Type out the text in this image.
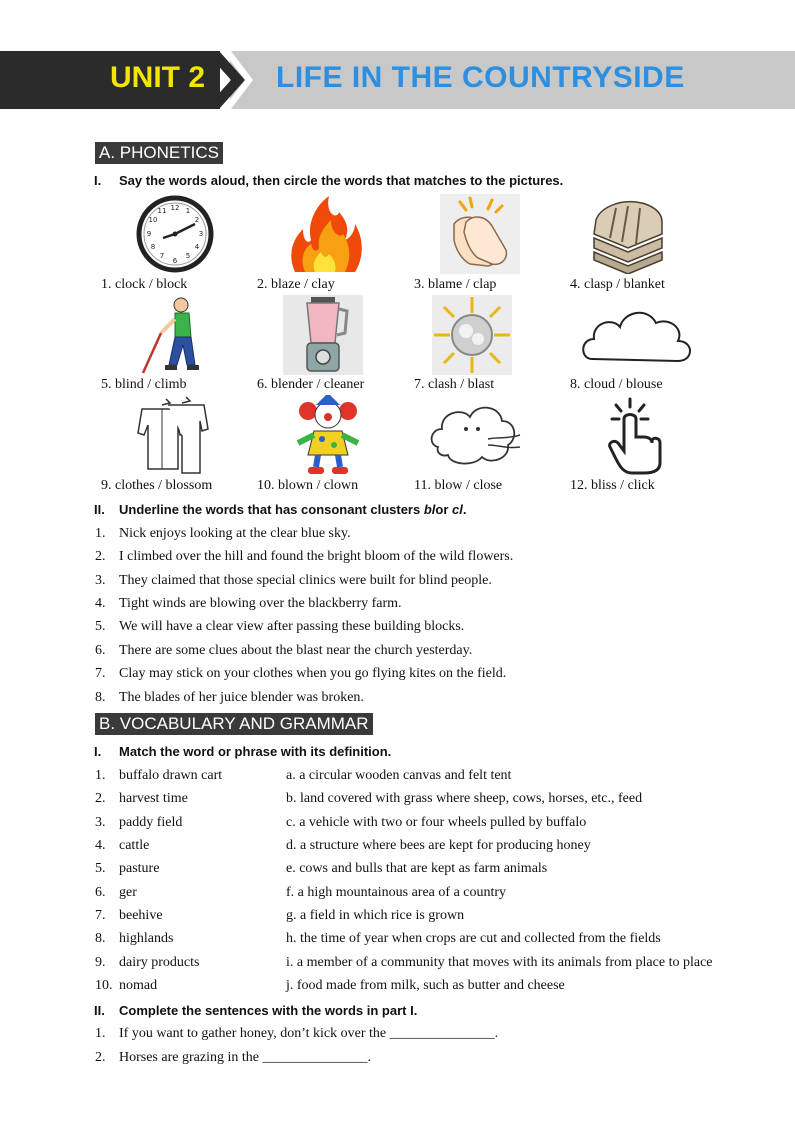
UNIT 2 LIFE IN THE COUNTRYSIDE
A. PHONETICS
I. Say the words aloud, then circle the words that matches to the pictures.
12 1
2
3
4
5
6
7
8
9
10
11
1. clock / block	2. blaze / clay	3. blame / clap	4. clasp / blanket
5. blind / climb	6. blender / cleaner	7. clash / blast	8. cloud / blouse
9. clothes / blossom	10. blown / clown	11. blow / close	12. bliss / click
II. Underline the words that has consonant clusters blor cl.
1. Nick enjoys looking at the clear blue sky.
2. I climbed over the hill and found the bright bloom of the wild flowers.
3. They claimed that those special clinics were built for blind people.
4. Tight winds are blowing over the blackberry farm.
5. We will have a clear view after passing these building blocks.
6. There are some clues about the blast near the church yesterday.
7. Clay may stick on your clothes when you go flying kites on the field.
8. The blades of her juice blender was broken.
B. VOCABULARY AND GRAMMAR
I. Match the word or phrase with its definition.
1. buffalo drawn cart	a. a circular wooden canvas and felt tent
2. harvest time	b. land covered with grass where sheep, cows, horses, etc., feed
3. paddy field	c. a vehicle with two or four wheels pulled by buffalo
4. cattle	d. a structure where bees are kept for producing honey
5. pasture	e. cows and bulls that are kept as farm animals
6. ger	f. a high mountainous area of a country
7. beehive	g. a field in which rice is grown
8. highlands	h. the time of year when crops are cut and collected from the fields
9. dairy products	i. a member of a community that moves with its animals from place to place
10. nomad	j. food made from milk, such as butter and cheese
II. Complete the sentences with the words in part I.
1. If you want to gather honey, don’t kick over the _______________.
2. Horses are grazing in the _______________.
